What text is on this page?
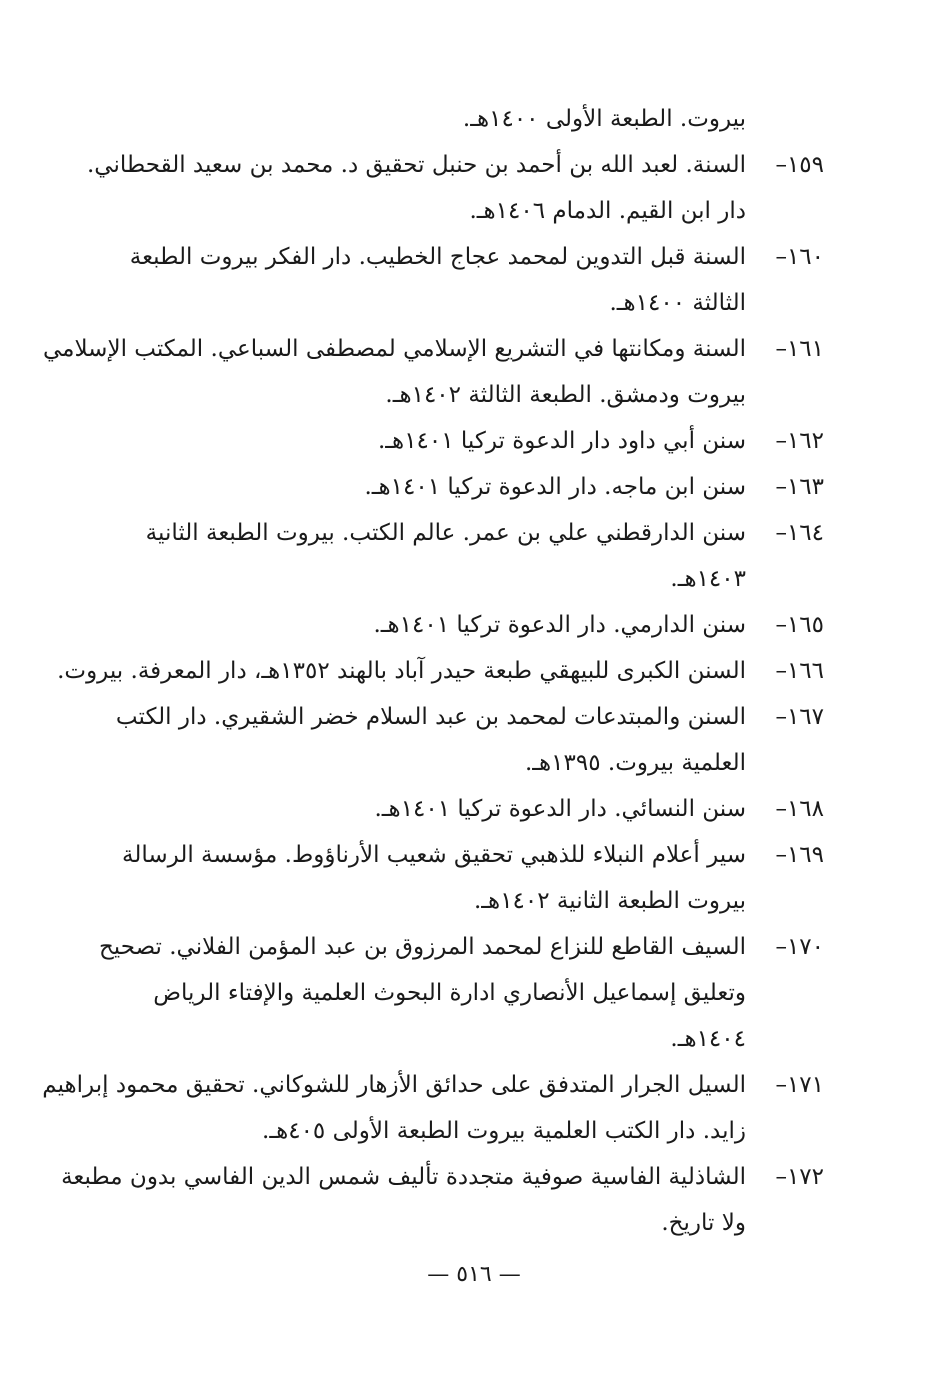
بيروت. الطبعة الأولى ١٤٠٠هـ.
١٥٩–
السنة. لعبد الله بن أحمد بن حنبل تحقيق د. محمد بن سعيد القحطاني.
دار ابن القيم. الدمام ١٤٠٦هـ.
١٦٠–
السنة قبل التدوين لمحمد عجاج الخطيب. دار الفكر بيروت الطبعة
الثالثة ١٤٠٠هـ.
١٦١–
السنة ومكانتها في التشريع الإسلامي لمصطفى السباعي. المكتب الإسلامي
بيروت ودمشق. الطبعة الثالثة ١٤٠٢هـ.
١٦٢–
سنن أبي داود دار الدعوة تركيا ١٤٠١هـ.
١٦٣–
سنن ابن ماجه. دار الدعوة تركيا ١٤٠١هـ.
١٦٤–
سنن الدارقطني علي بن عمر. عالم الكتب. بيروت الطبعة الثانية
١٤٠٣هـ.
١٦٥–
سنن الدارمي. دار الدعوة تركيا ١٤٠١هـ.
١٦٦–
السنن الكبرى للبيهقي طبعة حيدر آباد بالهند ١٣٥٢هـ، دار المعرفة. بيروت.
١٦٧–
السنن والمبتدعات لمحمد بن عبد السلام خضر الشقيري. دار الكتب
العلمية بيروت. ١٣٩٥هـ.
١٦٨–
سنن النسائي. دار الدعوة تركيا ١٤٠١هـ.
١٦٩–
سير أعلام النبلاء للذهبي تحقيق شعيب الأرناؤوط. مؤسسة الرسالة
بيروت الطبعة الثانية ١٤٠٢هـ.
١٧٠–
السيف القاطع للنزاع لمحمد المرزوق بن عبد المؤمن الفلاني. تصحيح
وتعليق إسماعيل الأنصاري ادارة البحوث العلمية والإفتاء الرياض
١٤٠٤هـ.
١٧١–
السيل الجرار المتدفق على حدائق الأزهار للشوكاني. تحقيق محمود إبراهيم
زايد. دار الكتب العلمية بيروت الطبعة الأولى ٤٠٥هـ.
١٧٢–
الشاذلية الفاسية صوفية متجددة تأليف شمس الدين الفاسي بدون مطبعة
ولا تاريخ.
— ٥١٦ —
